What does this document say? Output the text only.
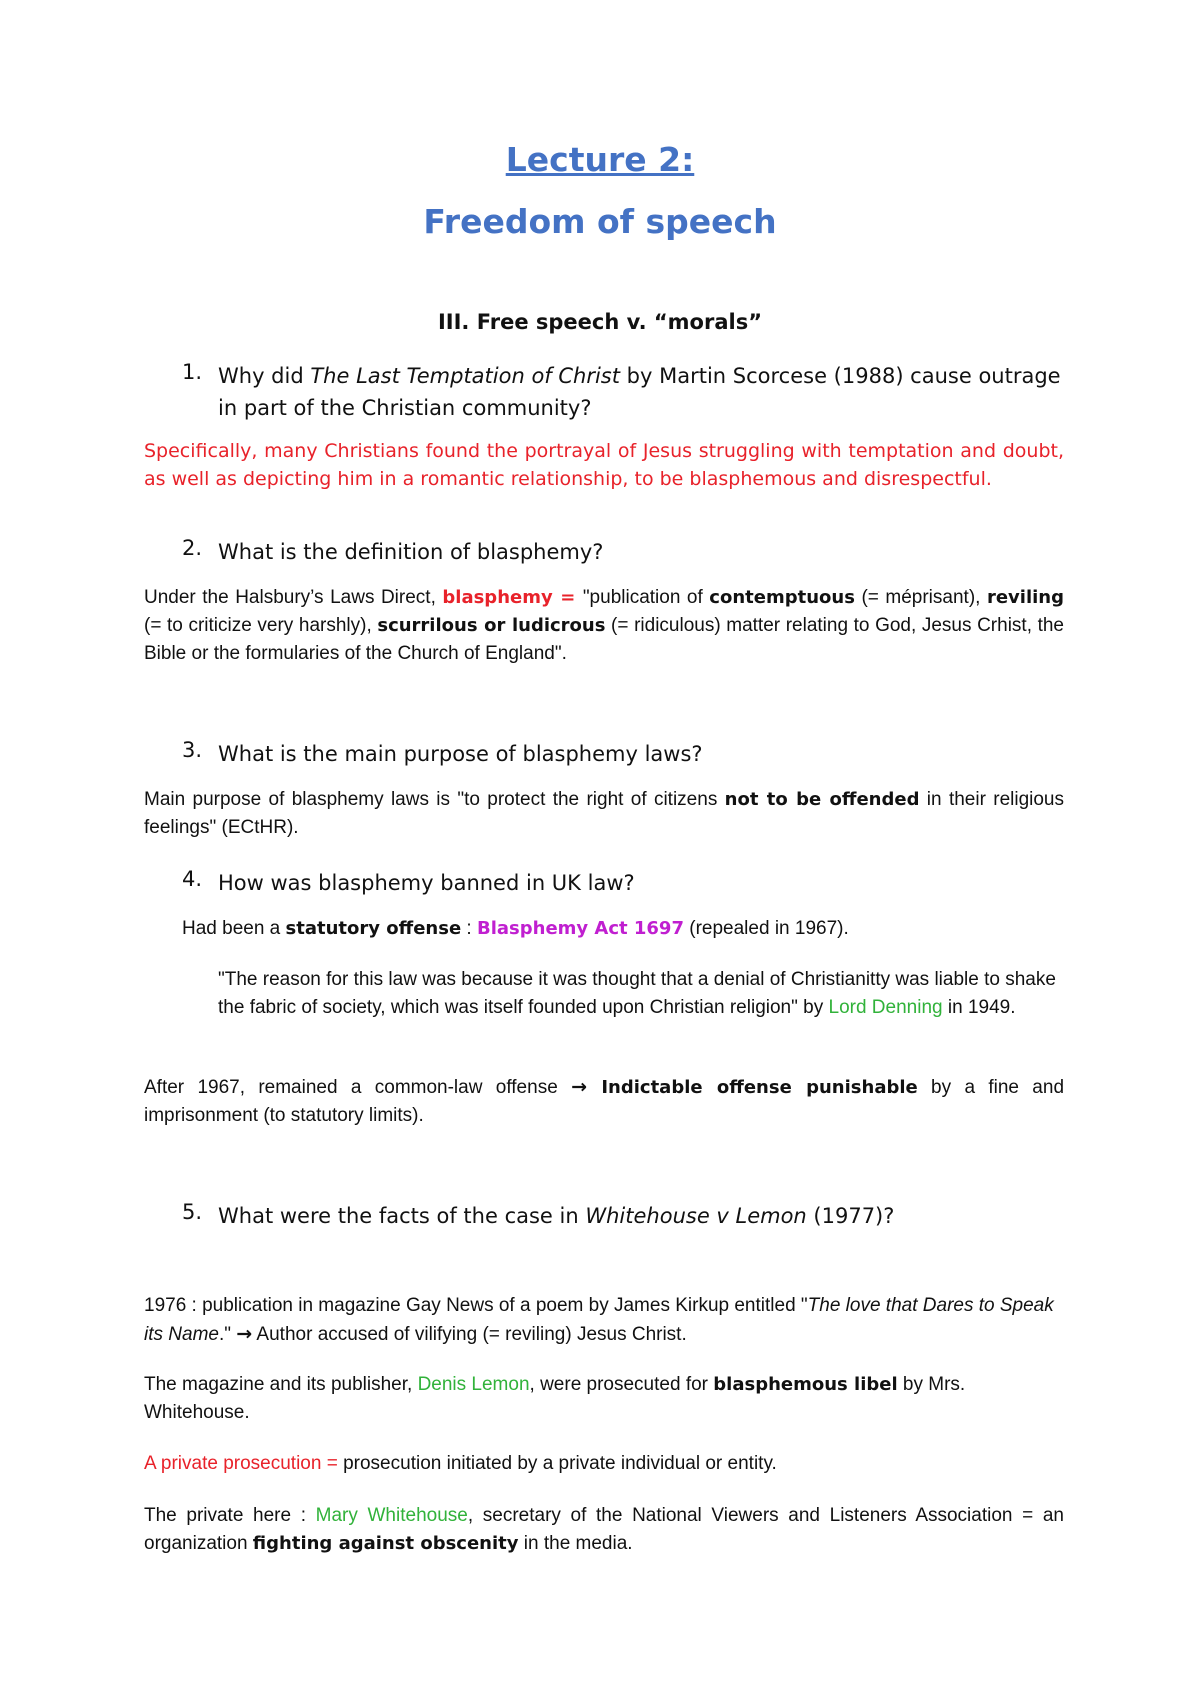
Lecture 2:
Freedom of speech
III. Free speech v. “morals”
1. Why did The Last Temptation of Christ by Martin Scorcese (1988) cause outrage in part of the Christian community?
Specifically, many Christians found the portrayal of Jesus struggling with temptation and doubt, as well as depicting him in a romantic relationship, to be blasphemous and disrespectful.
2. What is the definition of blasphemy?
Under the Halsbury’s Laws Direct, blasphemy = "publication of contemptuous (= méprisant), reviling (= to criticize very harshly), scurrilous or ludicrous (= ridiculous) matter relating to God, Jesus Crhist, the Bible or the formularies of the Church of England".
3. What is the main purpose of blasphemy laws?
Main purpose of blasphemy laws is "to protect the right of citizens not to be offended in their religious feelings" (ECtHR).
4. How was blasphemy banned in UK law?
Had been a statutory offense : Blasphemy Act 1697 (repealed in 1967).
"The reason for this law was because it was thought that a denial of Christianitty was liable to shake the fabric of society, which was itself founded upon Christian religion" by Lord Denning in 1949.
After 1967, remained a common-law offense → Indictable offense punishable by a fine and imprisonment (to statutory limits).
5. What were the facts of the case in Whitehouse v Lemon (1977)?
1976 : publication in magazine Gay News of a poem by James Kirkup entitled "The love that Dares to Speak its Name." → Author accused of vilifying (= reviling) Jesus Christ.
The magazine and its publisher, Denis Lemon, were prosecuted for blasphemous libel by Mrs. Whitehouse.
A private prosecution = prosecution initiated by a private individual or entity.
The private here : Mary Whitehouse, secretary of the National Viewers and Listeners Association = an organization fighting against obscenity in the media.
